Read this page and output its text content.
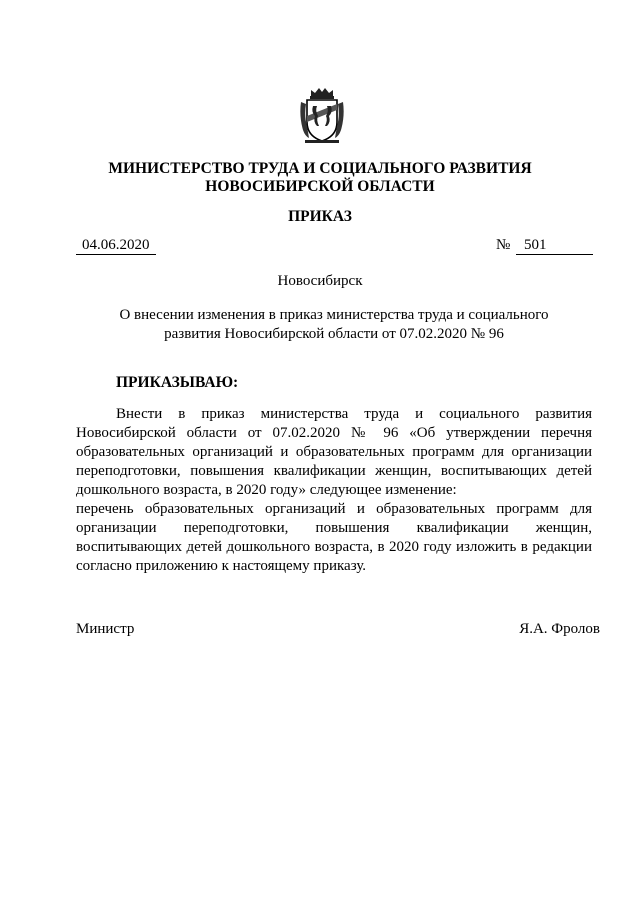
МИНИСТЕРСТВО ТРУДА И СОЦИАЛЬНОГО РАЗВИТИЯ

НОВОСИБИРСКОЙ ОБЛАСТИ

ПРИКАЗ

04.06.2020	№ 501

Новосибирск

О внесении изменения в приказ министерства труда и социального

развития Новосибирской области от 07.02.2020 № 96

ПРИКАЗЫВАЮ:

Внести в приказ министерства труда и социального развития Новосибирской области от 07.02.2020 № 96 «Об утверждении перечня образовательных организаций и образовательных программ для организации переподготовки, повышения квалификации женщин, воспитывающих детей дошкольного возраста, в 2020 году» следующее изменение:

перечень образовательных организаций и образовательных программ для организации переподготовки, повышения квалификации женщин, воспитывающих детей дошкольного возраста, в 2020 году изложить в редакции согласно приложению к настоящему приказу.

Министр	Я.А. Фролов
